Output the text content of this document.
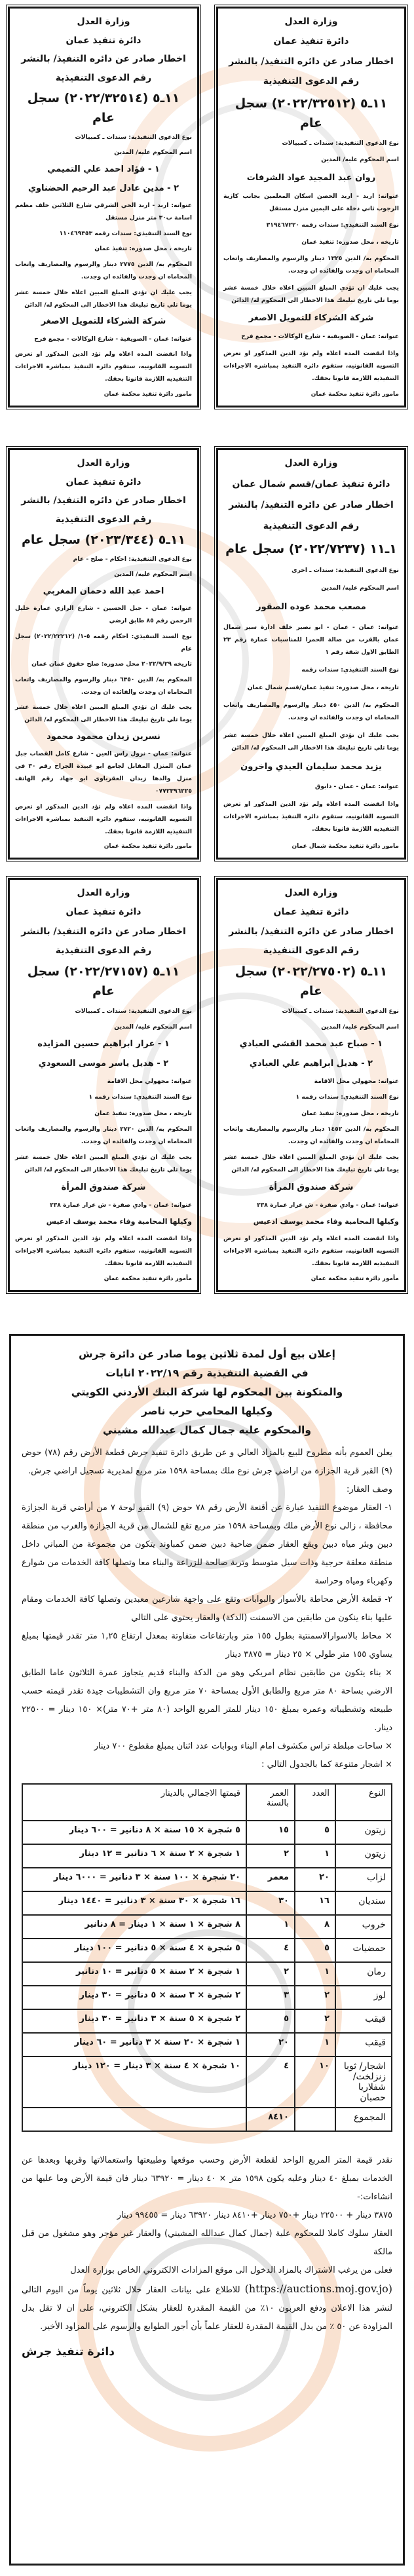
وزارة العدل

دائرة تنفيذ عمان

اخطار صادر عن دائره التنفيذ/ بالنشر

رقم الدعوى التنفيذية

١١ـ٥ (٢٠٢٢/٣٢٥١٤) سجل عام

نوع الدعوى التنفيذية: سندات ـ كمبيالات

اسم المحكوم عليه/ المدين

١ - فؤاد احمد علي التميمي

٢ - مدين عادل عبد الرحيم الحضناوي

عنوانه: اربد - اربد الحي الشرقي شارع الثلاثين خلف مطعم اسامة ب٣٠ متر منزل مستقل

نوع السند التنفيذي: سندات رقمه ١١٠٤٦٩٣٥٣

تاريخه ، محل صدوره: تنفيذ عمان

المحكوم به/ الدين ٢٧٧٥ دينار والرسوم والمصاريف واتعاب المحاماه ان وجدت والفائده ان وجدت.

يجب عليك ان تؤدي المبلغ المبين اعلاه خلال خمسة عشر يوما تلي تاريخ تبليغك هذا الاخطار الى المحكوم له/ الدائن

شركة الشركاء للتمويل الاصغر

عنوانه: عمان - الصويفية - شارع الوكالات - مجمع فرح

واذا انقضت المده اعلاه ولم تؤد الدين المذكور او تعرض التسويه القانونيه، ستقوم دائره التنفيذ بمباشره الاجراءات التنفيذيه اللازمة قانونا بحقك.

مامور دائرة تنفيذ محكمة عمان

وزارة العدل

دائرة تنفيذ عمان

اخطار صادر عن دائره التنفيذ/ بالنشر

رقم الدعوى التنفيذية

١١ـ٥ (٢٠٢٢/٣٢٥١٢) سجل عام

نوع الدعوى التنفيذية: سندات ـ كمبيالات

اسم المحكوم عليه/ المدين

روان عبد المجيد عواد الشرفات

عنوانه: اربد - اربد الحصن اسكان المعلمين بجانب كازية الرجوب ثاني دخلة على اليمين منزل مستقل

نوع السند التنفيذي: سندات رقمه ٣١٩٤٦٧٢٢٠

تاريخه ، محل صدوره: تنفيذ عمان

المحكوم به/ الدين ١٣٢٥ دينار والرسوم والمصاريف واتعاب المحاماه ان وجدت والفائده ان وجدت.

يجب عليك ان تؤدي المبلغ المبين اعلاه خلال خمسة عشر يوما تلي تاريخ تبليغك هذا الاخطار الى المحكوم له/ الدائن

شركة الشركاء للتمويل الاصغر

عنوانه: عمان - الصويفية - شارع الوكالات - مجمع فرح

واذا انقضت المده اعلاه ولم تؤد الدين المذكور او تعرض التسويه القانونيه، ستقوم دائره التنفيذ بمباشره الاجراءات التنفيذيه اللازمة قانونا بحقك.

مامور دائرة تنفيذ محكمة عمان

وزارة العدل

دائرة تنفيذ عمان

اخطار صادر عن دائره التنفيذ/ بالنشر

رقم الدعوى التنفيذية

١١ـ٥ (٢٠٢٣/٣٤٤) سجل عام

نوع الدعوى التنفيذية: احكام - صلح - عام

اسم المحكوم عليه/ المدين

احمد عبد الله دحمان المغربي

عنوانه: عمان - جبل الحسين - شارع الرازي عمارة خليل الرحمن رقم ٨٥ طابق ارضي

نوع السند التنفيذي: احكام رقمه ٥-١/ (٢٠٢٢/٢٢٢١٢) سجل عام

تاريخه ٢٠٢٢/٩/٢٩ محل صدوره: صلح حقوق عمان عمان

المحكوم به/ الدين ٦٣٥٠ دينار والرسوم والمصاريف واتعاب المحاماه ان وجدت والفائده ان وجدت.

يجب عليك ان تؤدي المبلغ المبين اعلاه خلال خمسة عشر يوما تلي تاريخ تبليغك هذا الاخطار الى المحكوم له/ الدائن

نسرين زيدان محمود محمود

عنوانه: عمان - نزول راس العين - شارع كامل القصاب جبل عمان المنزل المقابل لجامع ابو عبيدة الجراح رقم ٣٠ في منزل والدها زيدان العقرباوي ابو جهاد رقم الهاتف ٠٧٧٢٣٩٦٢٢٥

واذا انقضت المده اعلاه ولم تؤد الدين المذكور او تعرض التسويه القانونيه، ستقوم دائره التنفيذ بمباشره الاجراءات التنفيذيه اللازمة قانونا بحقك.

مامور دائرة تنفيذ محكمة عمان

وزارة العدل

دائرة تنفيذ عمان/قسم شمال عمان

اخطار صادر عن دائره التنفيذ/ بالنشر

رقم الدعوى التنفيذية

١ـ١١ (٢٠٢٢/٧٢٣٧) سجل عام

نوع الدعوى التنفيذية: سندات ـ اخرى

اسم المحكوم عليه/ المدين

مصعب محمد عوده الصقور

عنوانه: عمان - عمان - ابو نصير خلف ادارة سير شمال عمان بالقرب من صالة الحمرا للمناسبات عمارة رقم ٢٣ الطابق الاول شقة رقم ١

نوع السند التنفيذي: سندات رقمه

تاريخه ، محل صدوره: تنفيذ عمان/قسم شمال عمان

المحكوم به/ الدين ٤٥٠ دينار والرسوم والمصاريف واتعاب المحاماه ان وجدت والفائده ان وجدت.

يجب عليك ان تؤدي المبلغ المبين اعلاه خلال خمسة عشر يوما تلي تاريخ تبليغك هذا الاخطار الى المحكوم له/ الدائن

يزيد محمد سليمان العيدي واخرون

عنوانه: عمان - عمان - دابوق

واذا انقضت المده اعلاه ولم تؤد الدين المذكور او تعرض التسويه القانونيه، ستقوم دائره التنفيذ بمباشره الاجراءات التنفيذيه اللازمة قانونا بحقك.

مامور دائرة تنفيذ محكمة شمال عمان

وزارة العدل

دائرة تنفيذ عمان

اخطار صادر عن دائره التنفيذ/ بالنشر

رقم الدعوى التنفيذية

١١ـ٥ (٢٠٢٢/٢٧١٥٧) سجل عام

نوع الدعوى التنفيذية: سندات ـ كمبيالات

اسم المحكوم عليه/ المدين

١ - عرار ابراهيم حسين المزايده

٢ - هديل ياسر موسى السعودي

عنوانه: مجهولي محل الاقامة

نوع السند التنفيذي: سندات رقمه ١

تاريخه ، محل صدوره: تنفيذ عمان

المحكوم به/ الدين ٢٧٢٠ دينار والرسوم والمصاريف واتعاب المحاماه ان وجدت والفائده ان وجدت.

يجب عليك ان تؤدي المبلغ المبين اعلاه خلال خمسة عشر يوما تلي تاريخ تبليغك هذا الاخطار الى المحكوم له/ الدائن

شركة صندوق المرأة

عنوانه: عمان - وادي صقرة - ش عرار عمارة ٢٣٨

وكيلها المحامية وفاء محمد يوسف ادعيس

واذا انقضت المده اعلاه ولم تؤد الدين المذكور او تعرض التسويه القانونيه، ستقوم دائره التنفيذ بمباشره الاجراءات التنفيذيه اللازمة قانونا بحقك.

مأمور دائرة تنفيذ محكمة عمان

وزارة العدل

دائرة تنفيذ عمان

اخطار صادر عن دائره التنفيذ/ بالنشر

رقم الدعوى التنفيذية

١١ـ٥ (٢٠٢٢/٢٧٥٠٢) سجل عام

نوع الدعوى التنفيذية: سندات ـ كمبيالات

اسم المحكوم عليه/ المدين

١ - صباح عبد محمد القشي العبادي

٢ - هديل ابراهيم علي العبادي

عنوانه: مجهولي محل الاقامة

نوع السند التنفيذي: سندات رقمه ١

تاريخه ، محل صدوره: تنفيذ عمان

المحكوم به/ الدين ١٤٥٢ دينار والرسوم والمصاريف واتعاب المحاماه ان وجدت والفائده ان وجدت.

يجب عليك ان تؤدي المبلغ المبين اعلاه خلال خمسة عشر يوما تلي تاريخ تبليغك هذا الاخطار الى المحكوم له/ الدائن

شركة صندوق المرأة

عنوانه: عمان - وادي صقرة - ش عرار عمارة ٢٣٨

وكيلها المحامية وفاء محمد يوسف ادعيس

واذا انقضت المده اعلاه ولم تؤد الدين المذكور او تعرض التسويه القانونيه، ستقوم دائره التنفيذ بمباشره الاجراءات التنفيذيه اللازمة قانونا بحقك.

مأمور دائرة تنفيذ محكمة عمان

إعلان بيع أول لمدة ثلاثين يوما صادر عن دائرة جرش

في القضية التنفيذية رقم ٢٠٢٢/١٩ انابات

والمتكونة بين المحكوم لها شركة البنك الأردني الكويتي

وكيلها المحامي حرب ناصر

والمحكوم عليه جمال كمال عبدالله مشيني

يعلن العموم بأنه مطروح للبيع بالمزاد العالي و عن طريق دائرة تنفيذ جرش قطعة الأرض رقم (٧٨) حوض (٩) القبر قرية الجزازة من اراضي جرش نوع ملك بمساحة ١٥٩٨ متر مربع لمديرية تسجيل اراضي جرش.

وصف العقار:

١- العقار موضوع التنفيذ عبارة عن أقنعة الأرض رقم ٧٨ حوض (٩) القبو لوحة ٧ من أراضي قرية الجزازة محافظة ، زالى نوع الأرض ملك وبمساحة ١٥٩٨ متر مربع تقع للشمال من قرية الجزازة والغرب من منطقة دبين وبئر مياه دبين ويقع العقار ضمن ضاحية دبين ضمن كمباوند يتكون من مجموعة من المباني داخل منطقة معلقة حرجية وذات سيل متوسط وتربة صالحة للزراعة والبناء معا وتصلها كافة الخدمات من شوارع وكهرباء ومياه وحراسة

٢- قطعة الأرض محاطة بالأسوار والبوابات وتقع على واجهة شارعين معبدين وتصلها كافة الخدمات ومقام عليها بناء ينكون من طابقين من الاسمنت (الدكة) والعقار يحتوي على التالي

× محاط بالاسوارالاسمنتية بطول ١٥٥ متر وبارتفاعات متفاوتة بمعدل ارتفاع ١,٢٥ متر تقدر قيمتها بمبلغ يساوي ١٥٥ متر طولي × ٢٥ دينار = ٣٨٧٥ دينار

× بناء يتكون من طابقين نظام امريكي وهو من الدكة والبناء قديم يتجاوز عمرة الثلاثون عاما الطابق الارضي بساحة ٨٠ متر مربع والطابق الأول بمساحة ٧٠ متر مربع وان التشطيبات جيدة تقدر قيمته حسب طبيعته وتشطيباته وعمره بمبلغ ١٥٠ دينار للمتر المربع الواحد (٨٠ متر +٧٠ متر)× ١٥٠ دينار = ٢٢٥٠٠ دينار.

× ساحات مبلطة تراس مكشوف امام البناء وبوابات عدد اثنان بمبلغ مقطوع ٧٠٠ دينار

× اشجار متنوعة كما بالجدول التالي :

النوع	العدد	العمر بالسنة	قيمتها الاجمالي بالدينار
زيتون	٥	١٥	٥ شجرة × ١٥ سنة × ٨ دنانير = ٦٠٠ دينار
زيتون	١	٢	١ شجرة × ٢ سنة × ٦ دنانير = ١٢ دينار
لزاب	٢٠	معمر	٢٠ شجرة × ١٠٠ سنة × ٣ دنانير = ٦٠٠٠ دينار
سنديان	١٦	٣٠	١٦ شجرة × ٣٠ سنة × ٣ دنانير = ١٤٤٠ دينار
خروب	٨	١	٨ شجرة × ١ سنة × ١ دينار = ٨ دنانير
حمضيات	٥	٤	٥ شجرة × ٤ سنة × ٥ دنانير = ١٠٠ دينار
رمان	١	٢	١ شجرة × ٢ سنة × ٥ دنانير = ١٠ دنانير
لوز	٢	٣	٢ شجرة × ٣ سنة × ٥ دنانير = ٣٠ دينار
قيقب	٢	٥	٢ شجرة × ٥ سنة × ٣ دنانير = ٣٠ دينار
قيقب	١	٢٠	١ شجرة × ٢٠ سنة × ٣ دنانير = ٦٠ دينار
اشجار/ ثوبا زنزلخت/ شفلاريا حصبان	١٠	٤	١٠ شجرة × ٤ سنة × ٣ دينار = ١٢٠ دينار
المجموع		٨٤١٠	

نقدر قيمة المتر المربع الواحد لقطعة الأرض وحسب موقعها وطبيعتها واستعمالاتها وقربها وبعدها عن الخدمات بمبلغ ٤٠ دينار وعليه يكون ١٥٩٨ متر × ٤٠ دينار = ٦٣٩٢٠ دينار فان قيمة الأرض وما عليها من انشاءات:-

٣٨٧٥ دينار + ٢٢٥٠٠ دينار +٧٥٠ دينار +٨٤١٠ دينار ٦٣٩٢٠ دينار = ٩٩٤٥٥ دينار

العقار سلوك كاملا للمحكوم علية (جمال كمال عبدالله المشيني) والعقار غير مؤجر وهو مشغول من قبل مالكة

فعلى من يرغب الاشتراك بالمزاد الدخول الى موقع المزادات الالكتروني الخاص بوزارة العدل

(https://auctions.moj.gov.jo) للاطلاع على بيانات العقار خلال ثلاثين يوماً من اليوم التالي لنشر هذا الاعلان ودفع العربون ١٠٪ من القيمة المقدرة للعقار بشكل الكتروني، على ان لا تقل بدل المزاودة عن ٥٠ ٪ من بدل القيمة المقدرة للعقار علماً بأن أجور الطوابع والرسوم على المزاود الأخير.

دائرة تنفيذ جرش
